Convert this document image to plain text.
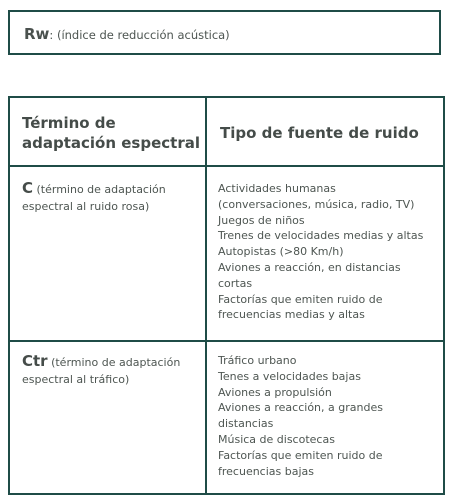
Rw: (índice de reducción acústica)
Término de adaptación espectral
Tipo de fuente de ruido
C (término de adaptación espectral al ruido rosa)
Actividades humanas
(conversaciones, música, radio, TV)
Juegos de niños
Trenes de velocidades medias y altas
Autopistas (>80 Km/h)
Aviones a reacción, en distancias
cortas
Factorías que emiten ruido de
frecuencias medias y altas
Ctr (término de adaptación espectral al tráfico)
Tráfico urbano
Tenes a velocidades bajas
Aviones a propulsión
Aviones a reacción, a grandes
distancias
Música de discotecas
Factorías que emiten ruido de
frecuencias bajas
